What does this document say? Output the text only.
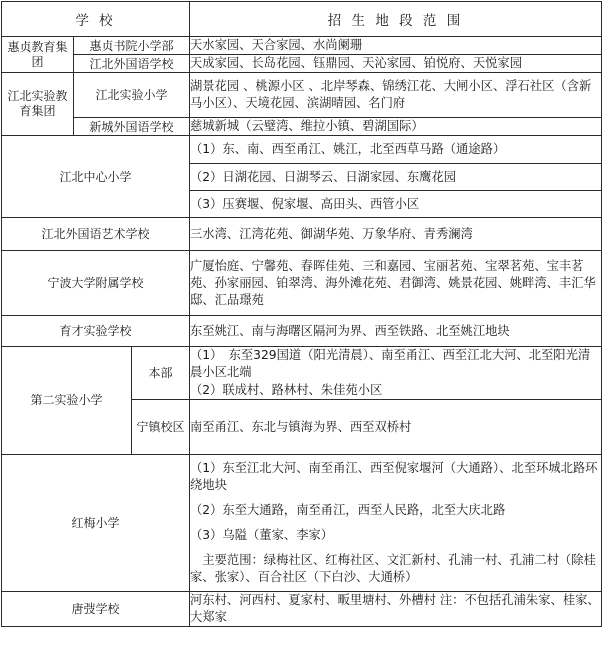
学 校			招 生 地 段 范 围
惠贞教育集团	惠贞书院小学部		天水家园、天合家园、水尚阑珊

	江北外国语学校		天成家园、长岛花园、钰鼎园、天沁家园、铂悦府、天悦家园

江北实验教育集团	江北实验小学		湖景花园 、桃源小区 、北岸琴森、锦绣江花、大闸小区、浮石社区（含新马小区）、天境花园、滨湖晴园、名门府

	新城外国语学校		慈城新城（云璧湾、维拉小镇、碧湖国际）

江北中心小学			（1）东、南、西至甬江、姚江，北至西草马路（通途路）

			（2）日湖花园、日湖琴云、日湖家园、东鹰花园

			（3）压赛堰、倪家堰、高田头、西管小区

江北外国语艺术学校			三水湾、江湾花苑、御湖华苑、万象华府、青秀澜湾

宁波大学附属学校			广厦怡庭、宁馨苑、春晖佳苑、三和嘉园、宝丽茗苑、宝翠茗苑、宝丰茗苑、孙家丽园、铂翠湾、海外滩花苑、君御湾、姚景花园、姚畔湾、丰汇华邸、汇品璟苑

育才实验学校			东至姚江、南与海曙区隔河为界、西至铁路、北至姚江地块

第二实验小学		本部	（1）　东至329国道（阳光清晨）、南至甬江、西至江北大河、北至阳光清晨小区北端

（2）联成村、路林村、朱佳苑小区

		宁镇校区	南至甬江、东北与镇海为界、西至双桥村

红梅小学			（1）东至江北大河、南至甬江、西至倪家堰河（大通路）、北至环城北路环绕地块

（2）东至大通路，南至甬江，西至人民路，北至大庆北路

（3）乌隘（董家、李家）

主要范围：绿梅社区、红梅社区、文汇新村、孔浦一村、孔浦二村（除桂家、张家）、百合社区（下白沙、大通桥）

唐弢学校			河东村、河西村、夏家村、畈里塘村、外槽村 注：不包括孔浦朱家、桂家、大郑家
